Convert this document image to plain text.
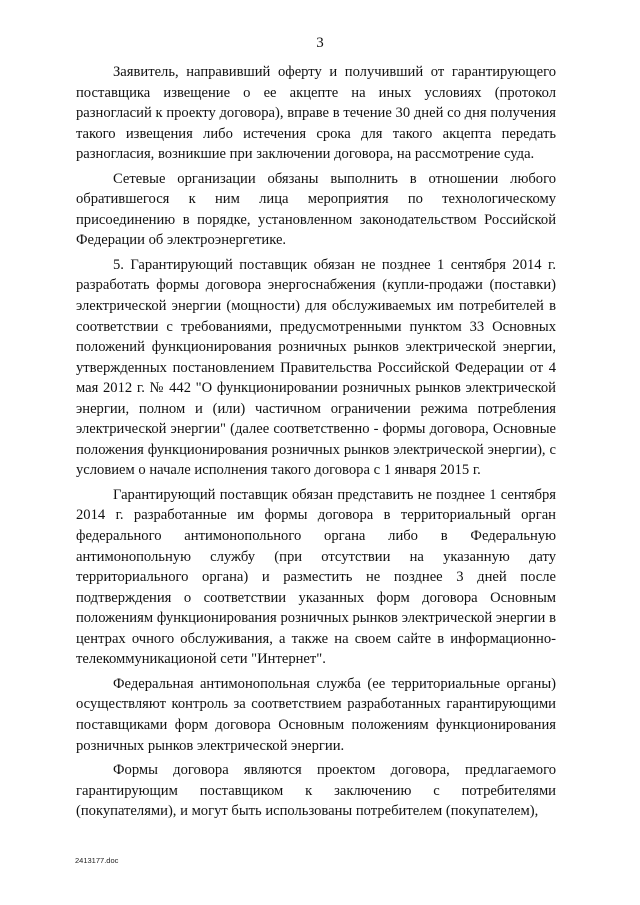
3

Заявитель, направивший оферту и получивший от гарантирующего поставщика извещение о ее акцепте на иных условиях (протокол разногласий к проекту договора), вправе в течение 30 дней со дня получения такого извещения либо истечения срока для такого акцепта передать разногласия, возникшие при заключении договора, на рассмотрение суда.

Сетевые организации обязаны выполнить в отношении любого обратившегося к ним лица мероприятия по технологическому присоединению в порядке, установленном законодательством Российской Федерации об электроэнергетике.

5. Гарантирующий поставщик обязан не позднее 1 сентября 2014 г. разработать формы договора энергоснабжения (купли-продажи (поставки) электрической энергии (мощности) для обслуживаемых им потребителей в соответствии с требованиями, предусмотренными пунктом 33 Основных положений функционирования розничных рынков электрической энергии, утвержденных постановлением Правительства Российской Федерации от 4 мая 2012 г. № 442 "О функционировании розничных рынков электрической энергии, полном и (или) частичном ограничении режима потребления электрической энергии" (далее соответственно - формы договора, Основные положения функционирования розничных рынков электрической энергии), с условием о начале исполнения такого договора с 1 января 2015 г.

Гарантирующий поставщик обязан представить не позднее 1 сентября 2014 г. разработанные им формы договора в территориальный орган федерального антимонопольного органа либо в Федеральную антимонопольную службу (при отсутствии на указанную дату территориального органа) и разместить не позднее 3 дней после подтверждения о соответствии указанных форм договора Основным положениям функционирования розничных рынков электрической энергии в центрах очного обслуживания, а также на своем сайте в информационно-телекоммуникационой сети "Интернет".

Федеральная антимонопольная служба (ее территориальные органы) осуществляют контроль за соответствием разработанных гарантирующими поставщиками форм договора Основным положениям функционирования розничных рынков электрической энергии.

Формы договора являются проектом договора, предлагаемого гарантирующим поставщиком к заключению с потребителями (покупателями), и могут быть использованы потребителем (покупателем),

2413177.doc
